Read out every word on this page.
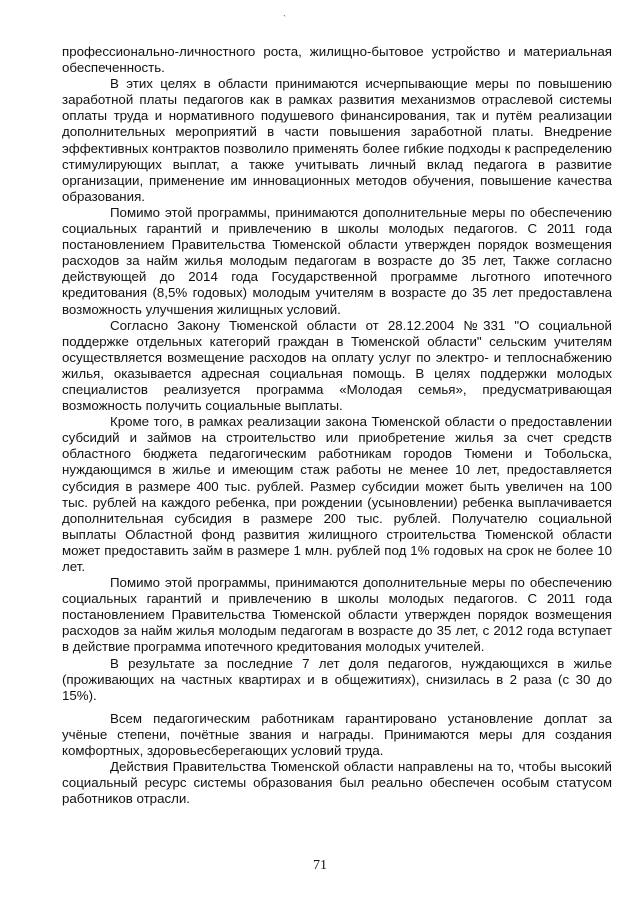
`

профессионально-личностного роста, жилищно-бытовое устройство и материальная обеспеченность.

В этих целях в области принимаются исчерпывающие меры по повышению заработной платы педагогов как в рамках развития механизмов отраслевой системы оплаты труда и нормативного подушевого финансирования, так и путём реализации дополнительных мероприятий в части повышения заработной платы. Внедрение эффективных контрактов позволило применять более гибкие подходы к распределению стимулирующих выплат, а также учитывать личный вклад педагога в развитие организации, применение им инновационных методов обучения, повышение качества образования.

Помимо этой программы, принимаются дополнительные меры по обеспечению социальных гарантий и привлечению в школы молодых педагогов. С 2011 года постановлением Правительства Тюменской области утвержден порядок возмещения расходов за найм жилья молодым педагогам в возрасте до 35 лет, Также согласно действующей до 2014 года Государственной программе льготного ипотечного кредитования (8,5% годовых) молодым учителям в возрасте до 35 лет предоставлена возможность улучшения жилищных условий.

Согласно Закону Тюменской области от 28.12.2004 №331 "О социальной поддержке отдельных категорий граждан в Тюменской области" сельским учителям осуществляется возмещение расходов на оплату услуг по электро- и теплоснабжению жилья, оказывается адресная социальная помощь. В целях поддержки молодых специалистов реализуется программа «Молодая семья», предусматривающая возможность получить социальные выплаты.

Кроме того, в рамках реализации закона Тюменской области о предоставлении субсидий и займов на строительство или приобретение жилья за счет средств областного бюджета педагогическим работникам городов Тюмени и Тобольска, нуждающимся в жилье и имеющим стаж работы не менее 10 лет, предоставляется субсидия в размере 400 тыс. рублей. Размер субсидии может быть увеличен на 100 тыс. рублей на каждого ребенка, при рождении (усыновлении) ребенка выплачивается дополнительная субсидия в размере 200 тыс. рублей. Получателю социальной выплаты Областной фонд развития жилищного строительства Тюменской области может предоставить займ в размере 1 млн. рублей под 1% годовых на срок не более 10 лет.

Помимо этой программы, принимаются дополнительные меры по обеспечению социальных гарантий и привлечению в школы молодых педагогов. С 2011 года постановлением Правительства Тюменской области утвержден порядок возмещения расходов за найм жилья молодым педагогам в возрасте до 35 лет, с 2012 года вступает в действие программа ипотечного кредитования молодых учителей.

В результате за последние 7 лет доля педагогов, нуждающихся в жилье (проживающих на частных квартирах и в общежитиях), снизилась в 2 раза (с 30 до 15%).

Всем педагогическим работникам гарантировано установление доплат за учёные степени, почётные звания и награды. Принимаются меры для создания комфортных, здоровьесберегающих условий труда.

Действия Правительства Тюменской области направлены на то, чтобы высокий социальный ресурс системы образования был реально обеспечен особым статусом работников отрасли.

71
